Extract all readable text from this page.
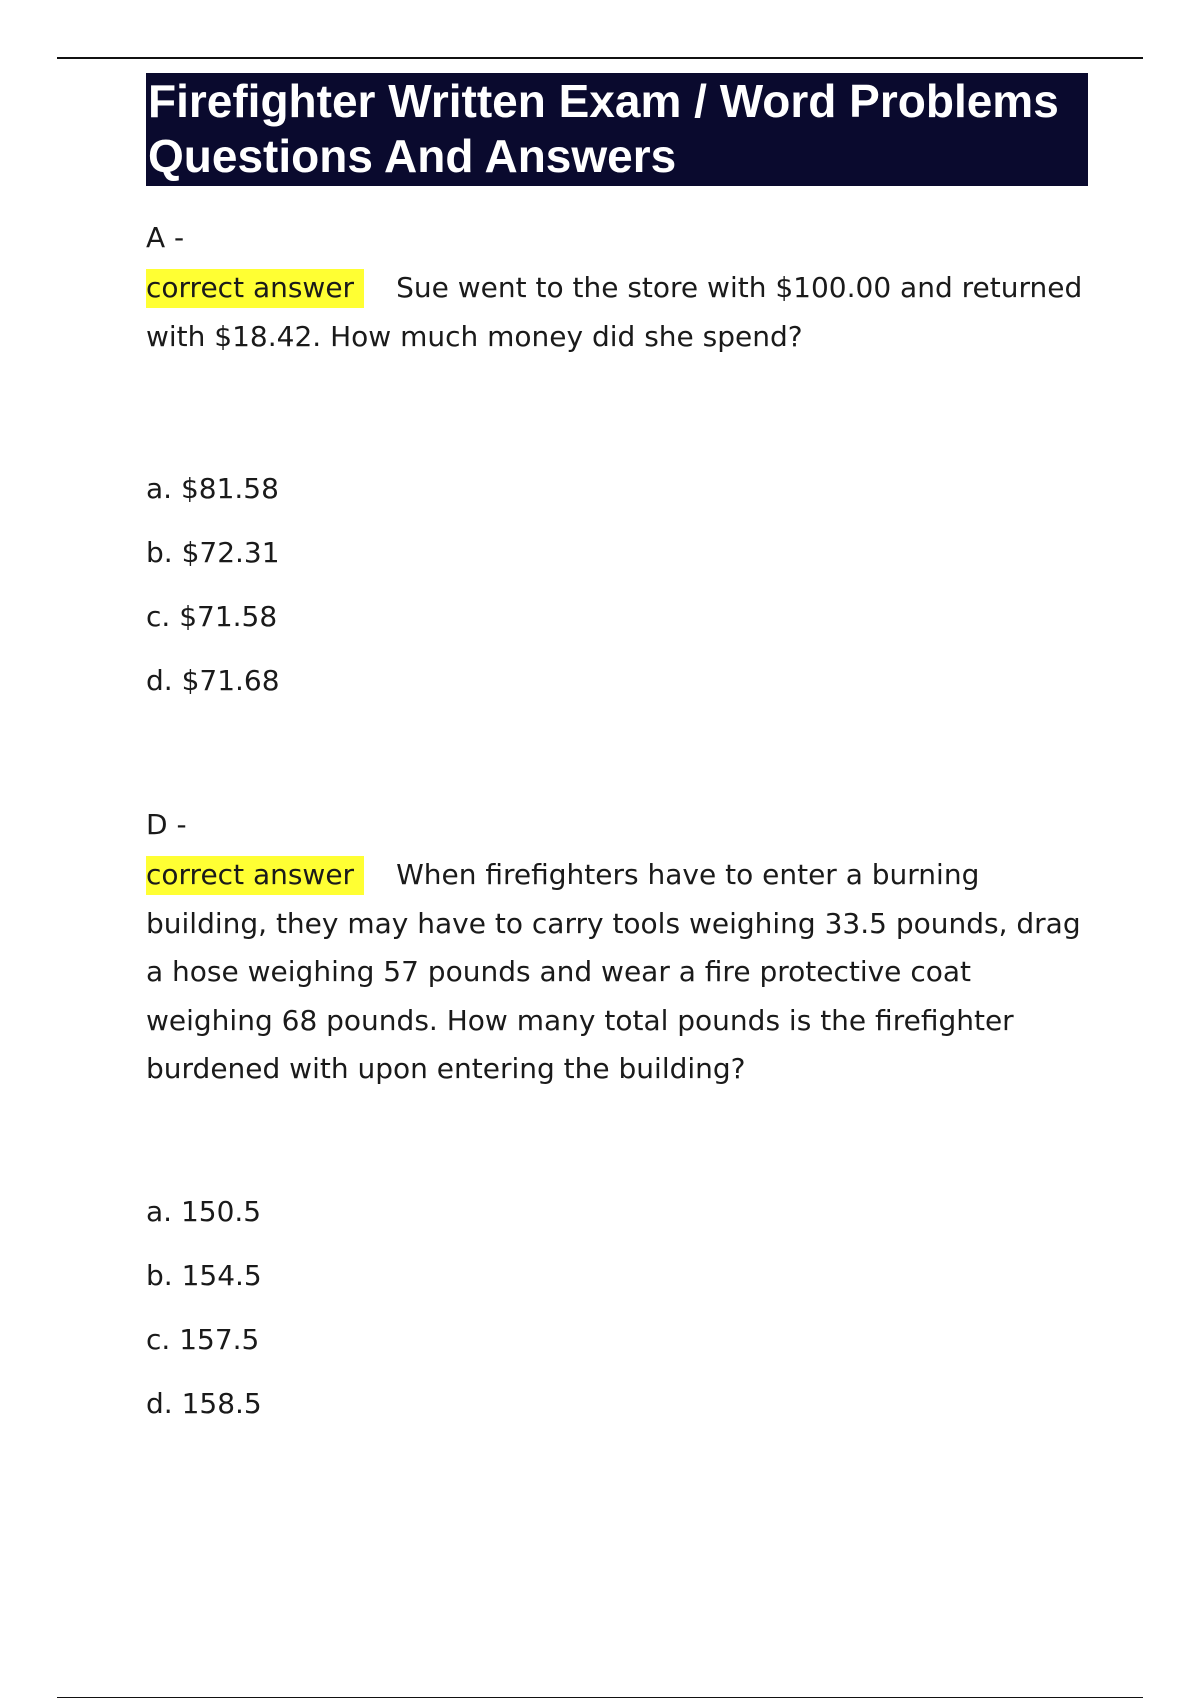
Firefighter Written Exam / Word Problems Questions And Answers
A -

correct answer Sue went to the store with $100.00 and returned with $18.42. How much money did she spend?

a. $81.58
b. $72.31
c. $71.58
d. $71.68
D -

correct answer When firefighters have to enter a burning building, they may have to carry tools weighing 33.5 pounds, drag a hose weighing 57 pounds and wear a fire protective coat weighing 68 pounds. How many total pounds is the firefighter burdened with upon entering the building?

a. 150.5
b. 154.5
c. 157.5
d. 158.5
